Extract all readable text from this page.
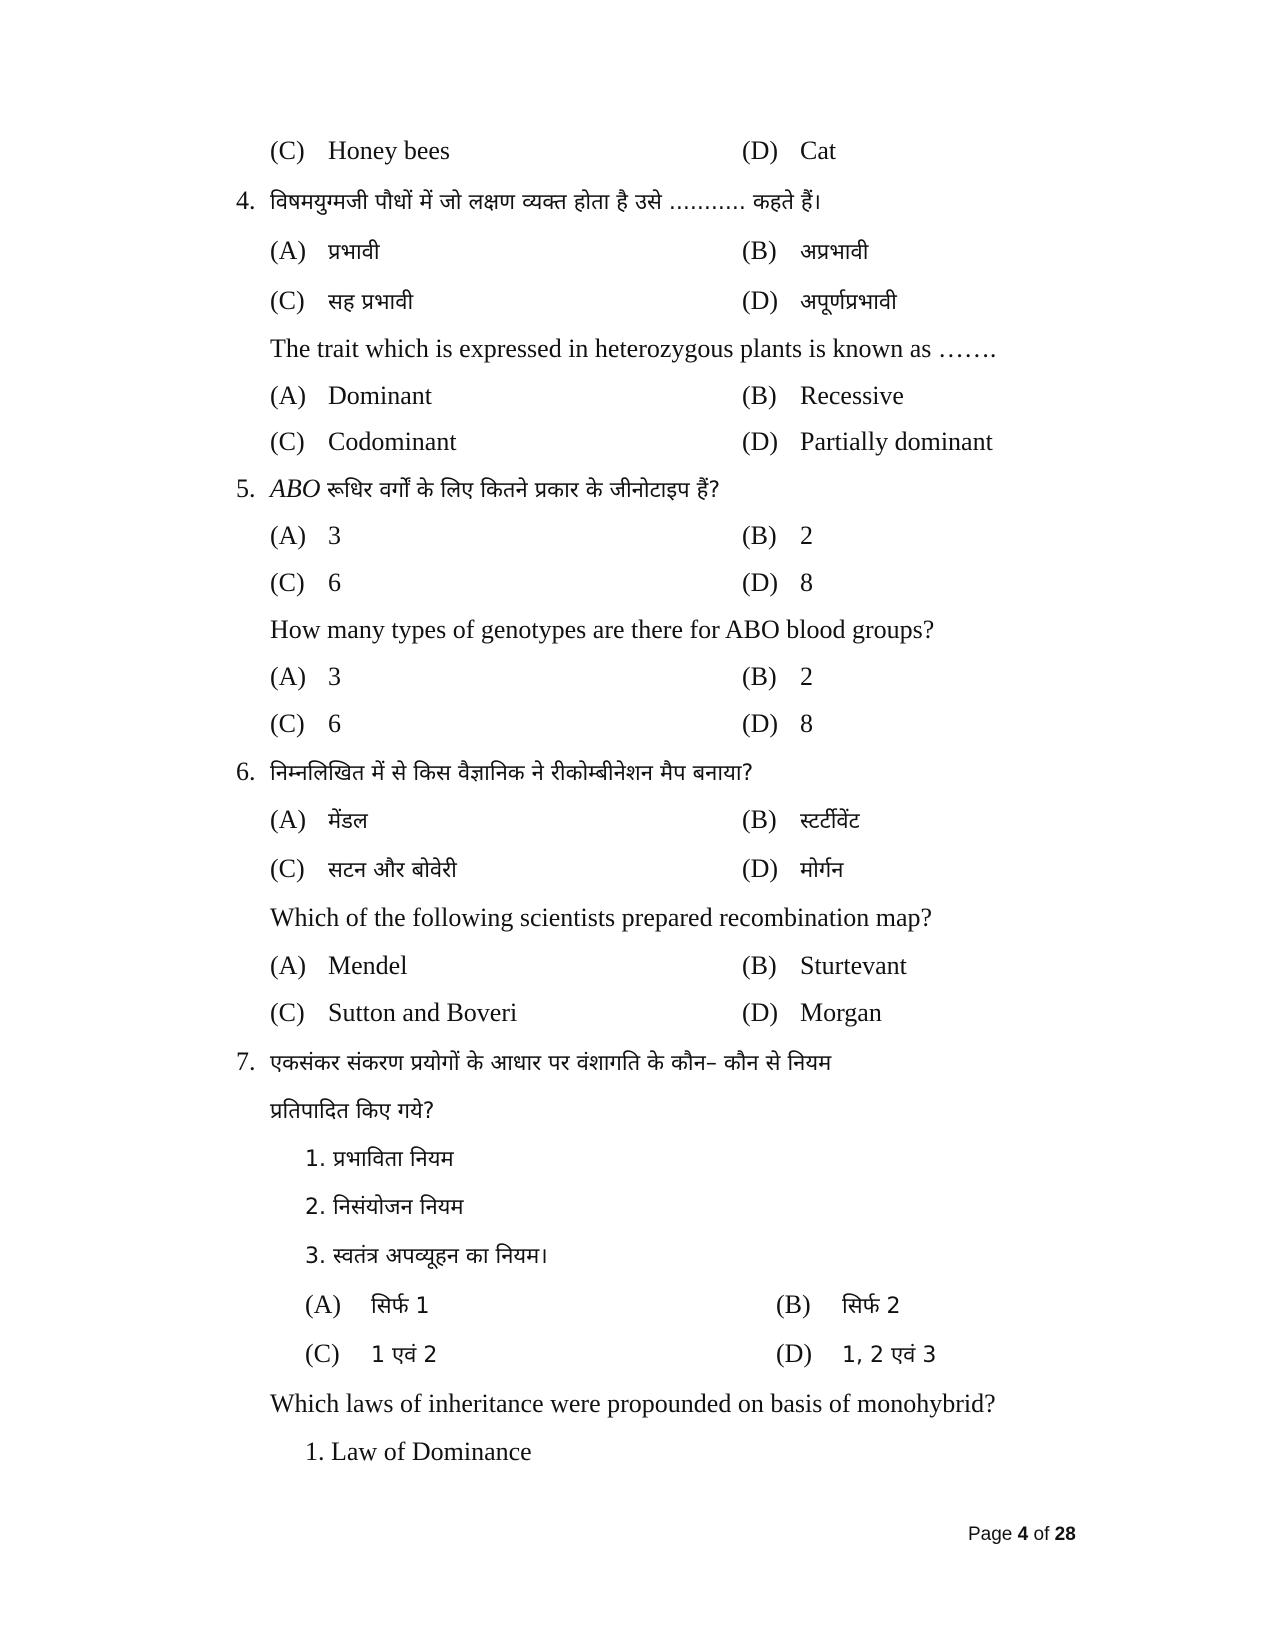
(C) Honey bees	(D) Cat
4. विषमयुग्मजी पौधों में जो लक्षण व्यक्त होता है उसे ........... कहते हैं।
(A) प्रभावी	(B) अप्रभावी
(C) सह प्रभावी	(D) अपूर्णप्रभावी
The trait which is expressed in heterozygous plants is known as …….
(A) Dominant	(B) Recessive
(C) Codominant	(D) Partially dominant
5. ABO रूधिर वर्गों के लिए कितने प्रकार के जीनोटाइप हैं?
(A) 3	(B) 2
(C) 6	(D) 8
How many types of genotypes are there for ABO blood groups?
(A) 3	(B) 2
(C) 6	(D) 8
6. निम्नलिखित में से किस वैज्ञानिक ने रीकोम्बीनेशन मैप बनाया?
(A) मेंडल	(B) स्टर्टीवेंट
(C) सटन और बोवेरी	(D) मोर्गन
Which of the following scientists prepared recombination map?
(A) Mendel	(B) Sturtevant
(C) Sutton and Boveri	(D) Morgan
7. एकसंकर संकरण प्रयोगों के आधार पर वंशागति के कौन– कौन से नियम
प्रतिपादित किए गये?
1. प्रभाविता नियम
2. निसंयोजन नियम
3. स्वतंत्र अपव्यूहन का नियम।
(A) सिर्फ 1	(B) सिर्फ 2
(C) 1 एवं 2	(D) 1, 2 एवं 3
Which laws of inheritance were propounded on basis of monohybrid?
1. Law of Dominance
Page 4 of 28
